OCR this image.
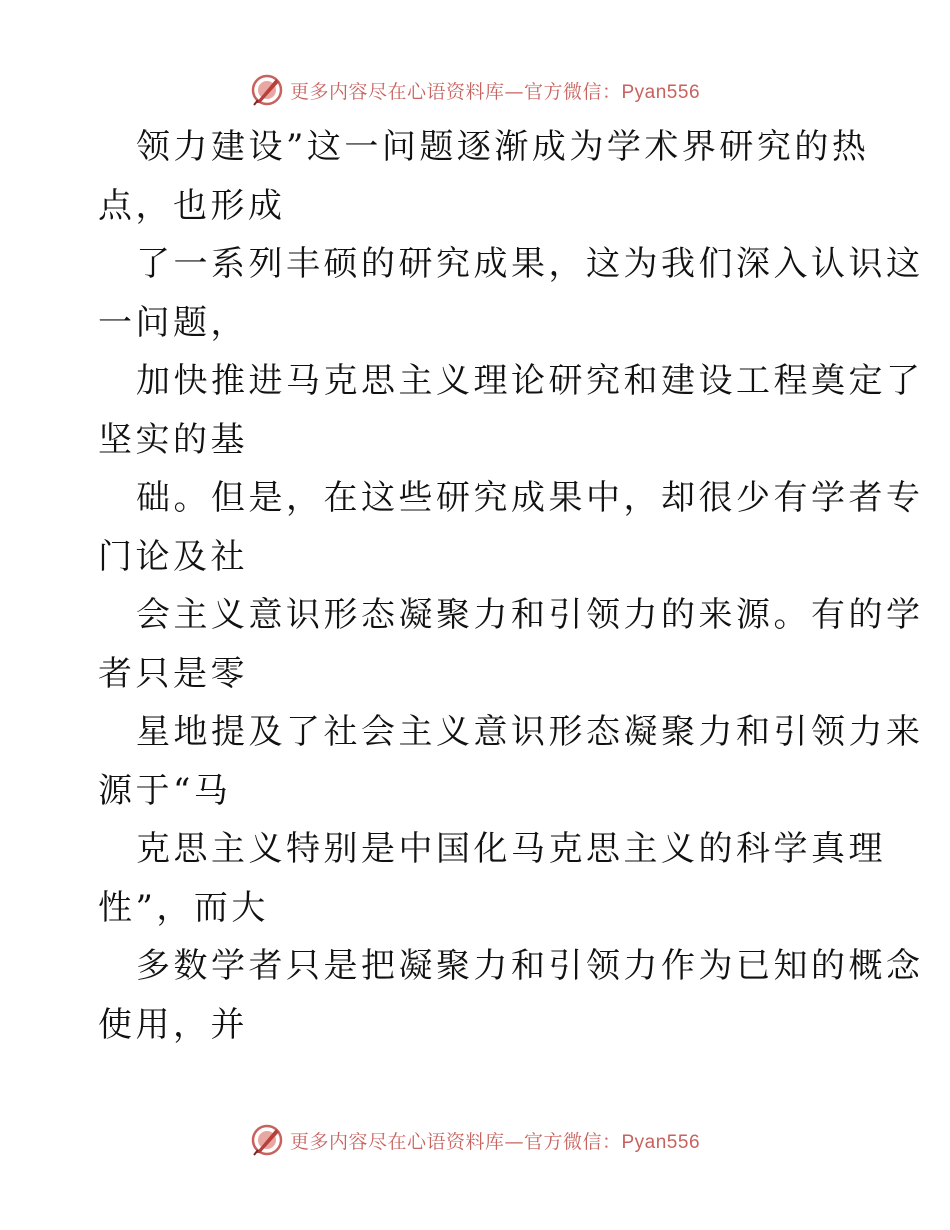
更多内容尽在心语资料库—官方微信：Pyan556
领力建设”这一问题逐渐成为学术界研究的热
点，也形成
了一系列丰硕的研究成果，这为我们深入认识这
一问题，
加快推进马克思主义理论研究和建设工程奠定了
坚实的基
础。但是，在这些研究成果中，却很少有学者专
门论及社
会主义意识形态凝聚力和引领力的来源。有的学
者只是零
星地提及了社会主义意识形态凝聚力和引领力来
源于“马
克思主义特别是中国化马克思主义的科学真理
性”，而大
多数学者只是把凝聚力和引领力作为已知的概念
使用，并
更多内容尽在心语资料库—官方微信：Pyan556
